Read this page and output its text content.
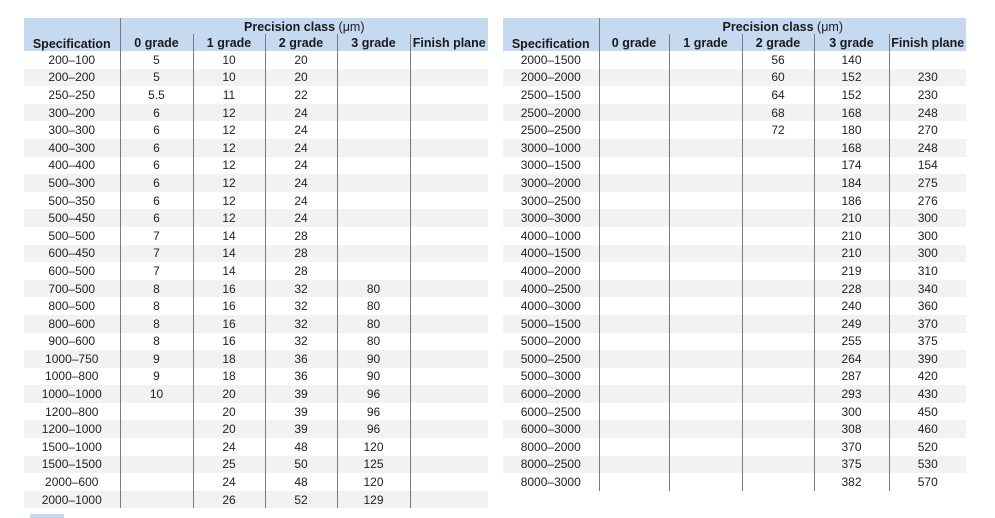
Specification	Precision class (μm)				
	0 grade	1 grade	2 grade	3 grade	Finish plane
200–100	5	10	20		
200–200	5	10	20		
250–250	5.5	11	22		
300–200	6	12	24		
300–300	6	12	24		
400–300	6	12	24		
400–400	6	12	24		
500–300	6	12	24		
500–350	6	12	24		
500–450	6	12	24		
500–500	7	14	28		
600–450	7	14	28		
600–500	7	14	28		
700–500	8	16	32	80	
800–500	8	16	32	80	
800–600	8	16	32	80	
900–600	8	16	32	80	
1000–750	9	18	36	90	
1000–800	9	18	36	90	
1000–1000	10	20	39	96	
1200–800		20	39	96	
1200–1000		20	39	96	
1500–1000		24	48	120	
1500–1500		25	50	125	
2000–600		24	48	120	
2000–1000		26	52	129	
Specification	Precision class (μm)				
	0 grade	1 grade	2 grade	3 grade	Finish plane
2000–1500			56	140	
2000–2000			60	152	230
2500–1500			64	152	230
2500–2000			68	168	248
2500–2500			72	180	270
3000–1000				168	248
3000–1500				174	154
3000–2000				184	275
3000–2500				186	276
3000–3000				210	300
4000–1000				210	300
4000–1500				210	300
4000–2000				219	310
4000–2500				228	340
4000–3000				240	360
5000–1500				249	370
5000–2000				255	375
5000–2500				264	390
5000–3000				287	420
6000–2000				293	430
6000–2500				300	450
6000–3000				308	460
8000–2000				370	520
8000–2500				375	530
8000–3000				382	570
